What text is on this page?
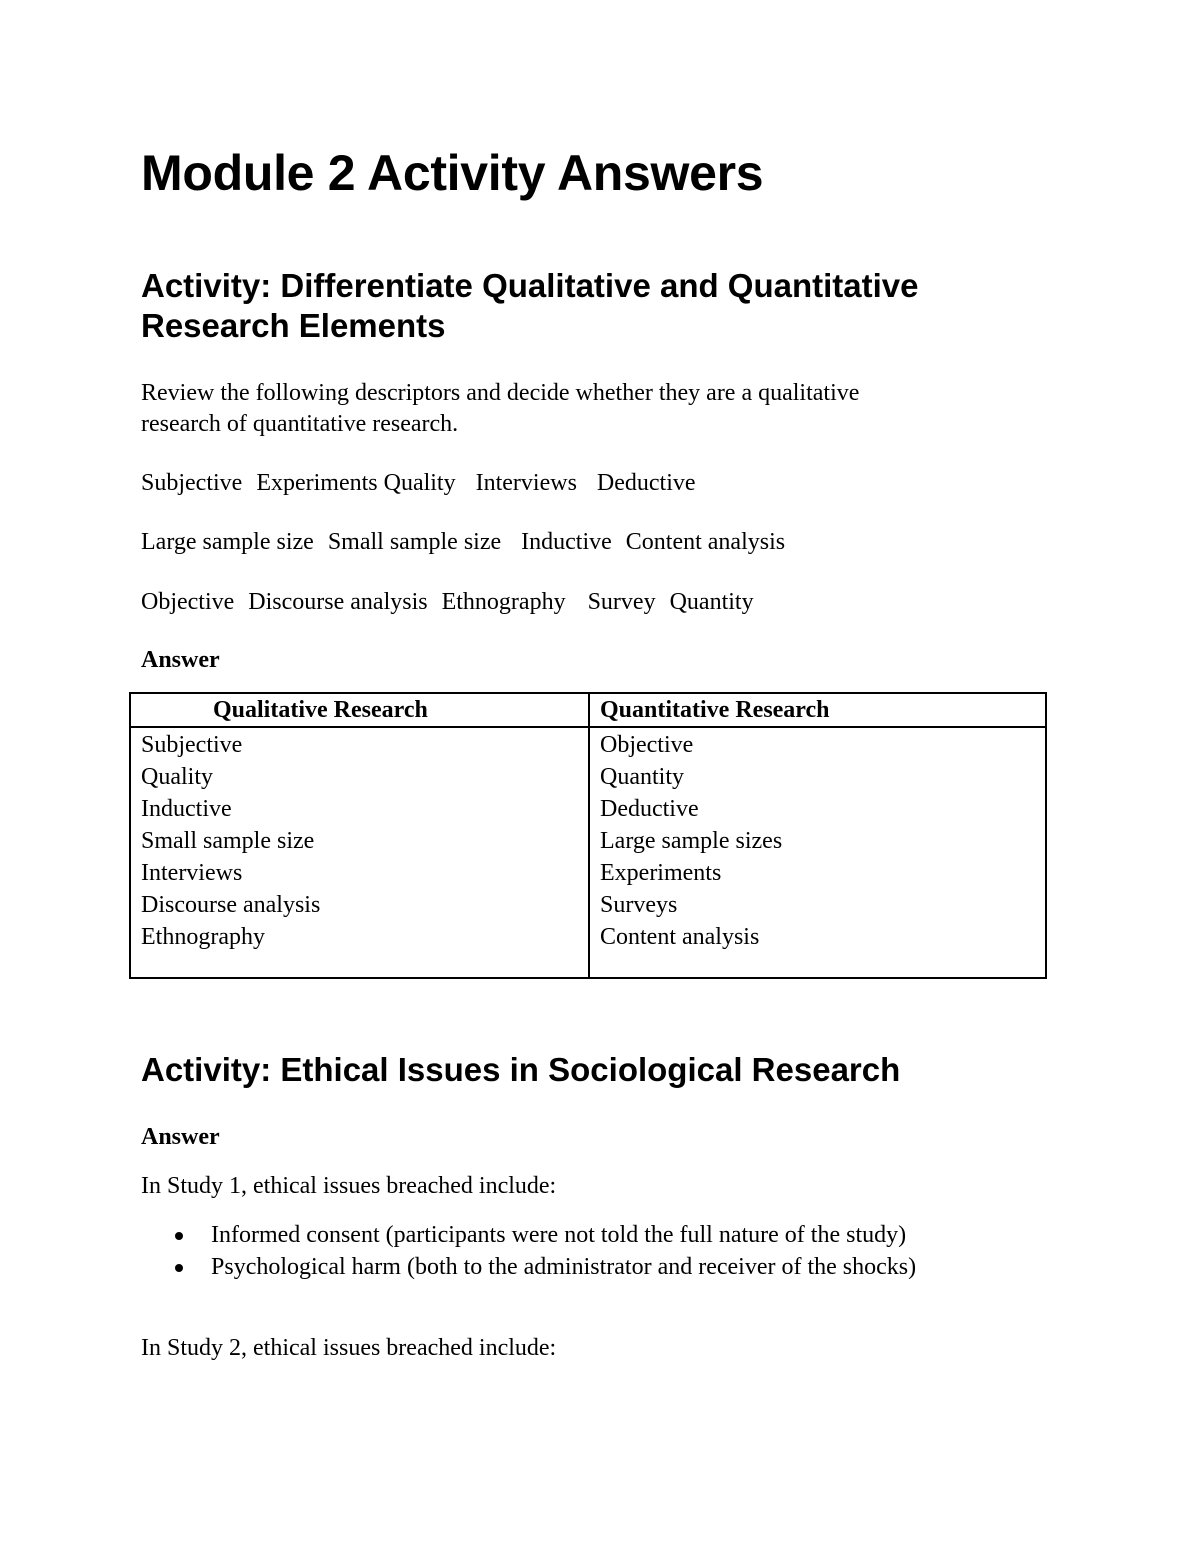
Module 2 Activity Answers
Activity: Differentiate Qualitative and Quantitative
Research Elements
Review the following descriptors and decide whether they are a qualitative
research of quantitative research.
Subjective Experiments Quality Interviews Deductive
Large sample size Small sample size Inductive Content analysis
Objective Discourse analysis Ethnography Survey Quantity
Answer
Qualitative Research	Quantitative Research
Subjective
Quality
Inductive
Small sample size
Interviews
Discourse analysis
Ethnography
Objective
Quantity
Deductive
Large sample sizes
Experiments
Surveys
Content analysis
Activity: Ethical Issues in Sociological Research
Answer
In Study 1, ethical issues breached include:
Informed consent (participants were not told the full nature of the study)
Psychological harm (both to the administrator and receiver of the shocks)
In Study 2, ethical issues breached include:
